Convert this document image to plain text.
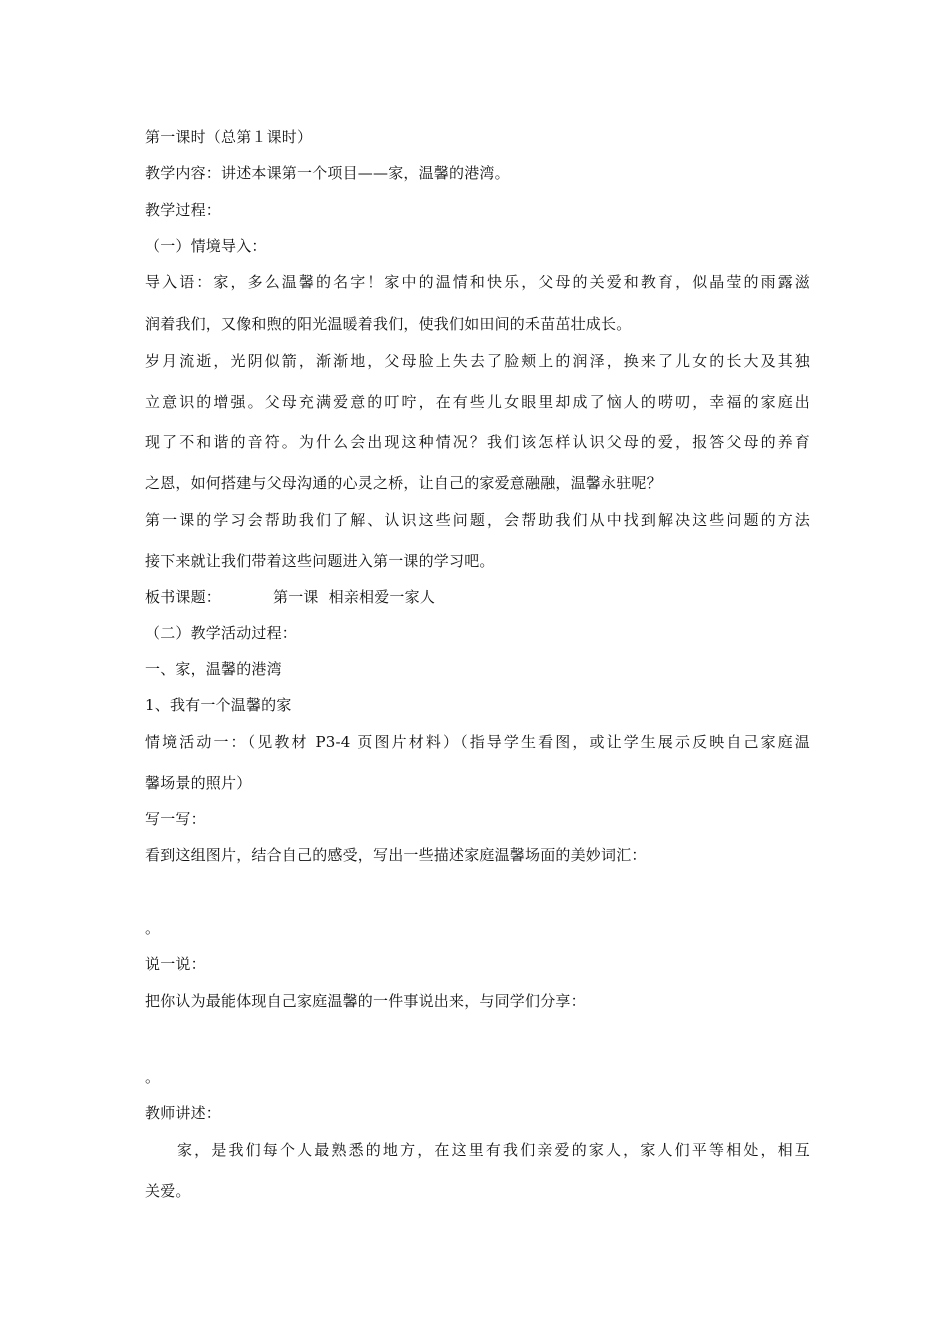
第一课时（总第１课时）
教学内容：讲述本课第一个项目——家，温馨的港湾。
教学过程：
（一）情境导入：
导入语：家，多么温馨的名字！家中的温情和快乐，父母的关爱和教育，似晶莹的雨露滋
润着我们，又像和煦的阳光温暖着我们，使我们如田间的禾苗茁壮成长。
岁月流逝，光阴似箭，渐渐地，父母脸上失去了脸颊上的润泽，换来了儿女的长大及其独
立意识的增强。父母充满爱意的叮咛，在有些儿女眼里却成了恼人的唠叨，幸福的家庭出
现了不和谐的音符。为什么会出现这种情况？我们该怎样认识父母的爱，报答父母的养育
之恩，如何搭建与父母沟通的心灵之桥，让自己的家爱意融融，温馨永驻呢？
第一课的学习会帮助我们了解、认识这些问题，会帮助我们从中找到解决这些问题的方法
接下来就让我们带着这些问题进入第一课的学习吧。
板书课题：	第一课 相亲相爱一家人
（二）教学活动过程：
一、家，温馨的港湾
1、我有一个温馨的家
情境活动一：（见教材 P3-4 页图片材料）（指导学生看图，或让学生展示反映自己家庭温
馨场景的照片）
写一写：
看到这组图片，结合自己的感受，写出一些描述家庭温馨场面的美妙词汇：
。
说一说：
把你认为最能体现自己家庭温馨的一件事说出来，与同学们分享：
。
教师讲述：
家，是我们每个人最熟悉的地方，在这里有我们亲爱的家人，家人们平等相处，相互
关爱。
